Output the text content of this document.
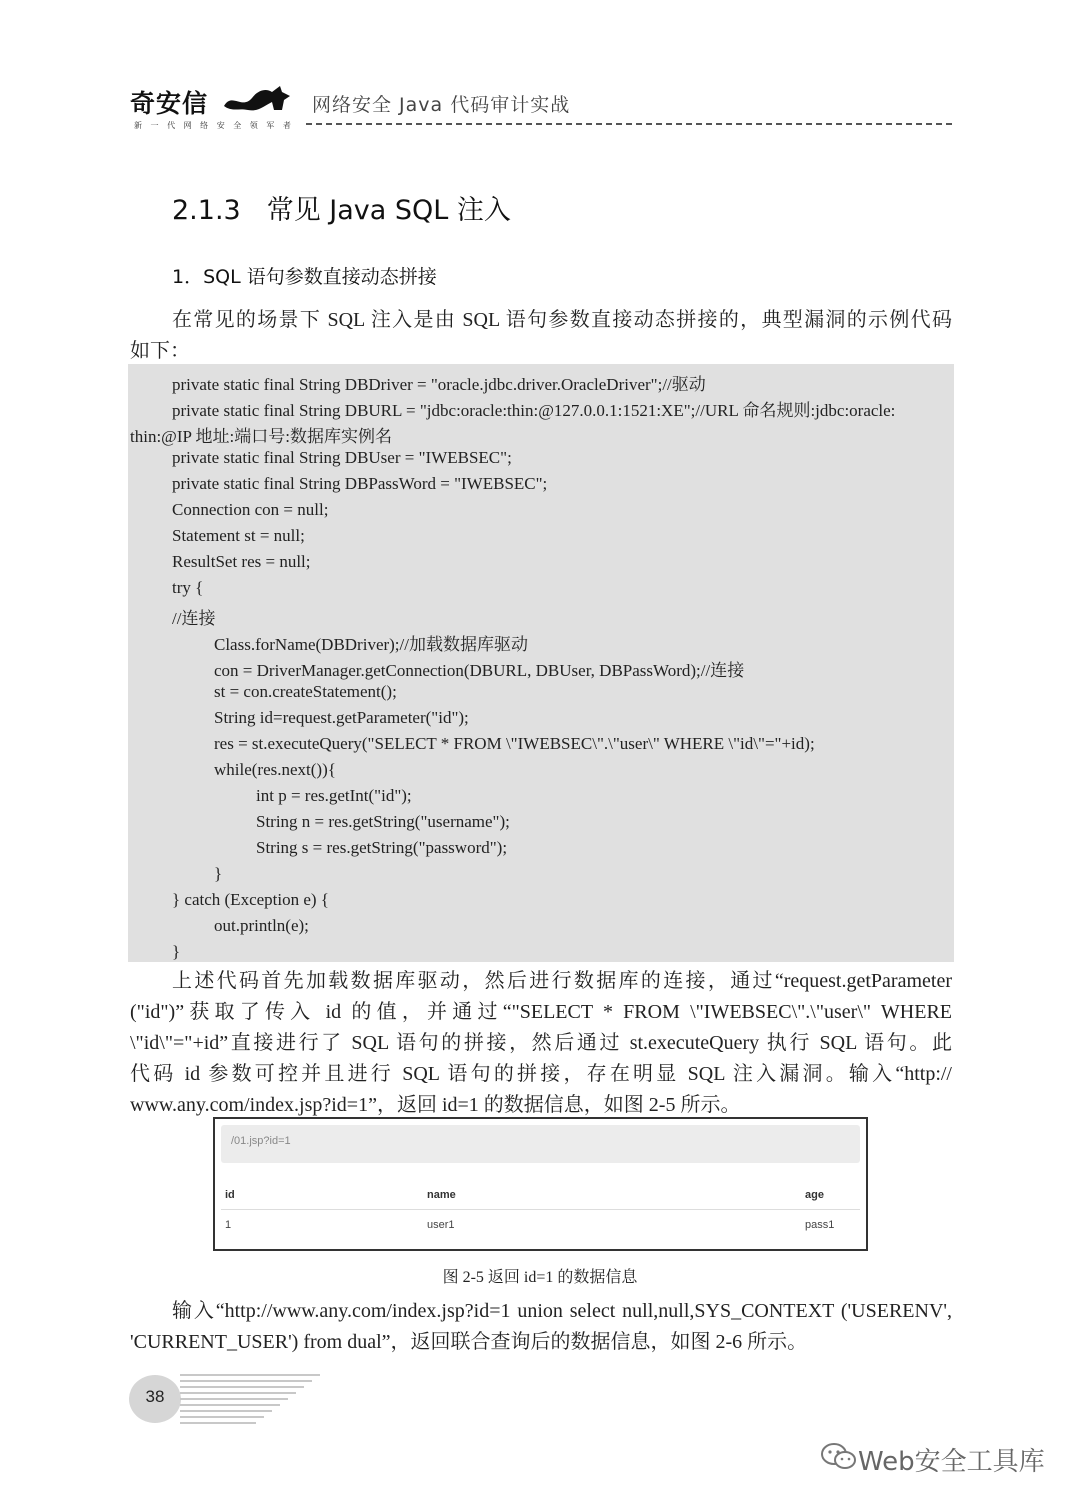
奇安信
新 一 代 网 络 安 全 领 军 者
网络安全 Java 代码审计实战
2.1.3 常见 Java SQL 注入
1．SQL 语句参数直接动态拼接
在常见的场景下 SQL 注入是由 SQL 语句参数直接动态拼接的，典型漏洞的示例代码
如下：
private static final String DBDriver = "oracle.jdbc.driver.OracleDriver";//驱动
private static final String DBURL = "jdbc:oracle:thin:@127.0.0.1:1521:XE";//URL 命名规则:jdbc:oracle:
thin:@IP 地址:端口号:数据库实例名
private static final String DBUser = "IWEBSEC";
private static final String DBPassWord = "IWEBSEC";
Connection con = null;
Statement st = null;
ResultSet res = null;
try {
//连接
Class.forName(DBDriver);//加载数据库驱动
con = DriverManager.getConnection(DBURL, DBUser, DBPassWord);//连接
st = con.createStatement();
String id=request.getParameter("id");
res = st.executeQuery("SELECT * FROM \"IWEBSEC\".\"user\" WHERE \"id\"="+id);
while(res.next()){
int p = res.getInt("id");
String n = res.getString("username");
String s = res.getString("password");
}
} catch (Exception e) {
out.println(e);
}
上述代码首先加载数据库驱动，然后进行数据库的连接，通过“request.getParameter
("id")”获取了传入 id 的值，并通过“"SELECT * FROM \"IWEBSEC\".\"user\" WHERE
\"id\"="+id”直接进行了 SQL 语句的拼接，然后通过 st.executeQuery 执行 SQL 语句。此
代码 id 参数可控并且进行 SQL 语句的拼接，存在明显 SQL 注入漏洞。输入“http://
www.any.com/index.jsp?id=1”，返回 id=1 的数据信息，如图 2-5 所示。
/01.jsp?id=1
id	name	age
1	user1	pass1
图 2-5 返回 id=1 的数据信息
输入“http://www.any.com/index.jsp?id=1 union select null,null,SYS_CONTEXT ('USERENV',
'CURRENT_USER') from dual”，返回联合查询后的数据信息，如图 2-6 所示。
38
Web安全工具库
